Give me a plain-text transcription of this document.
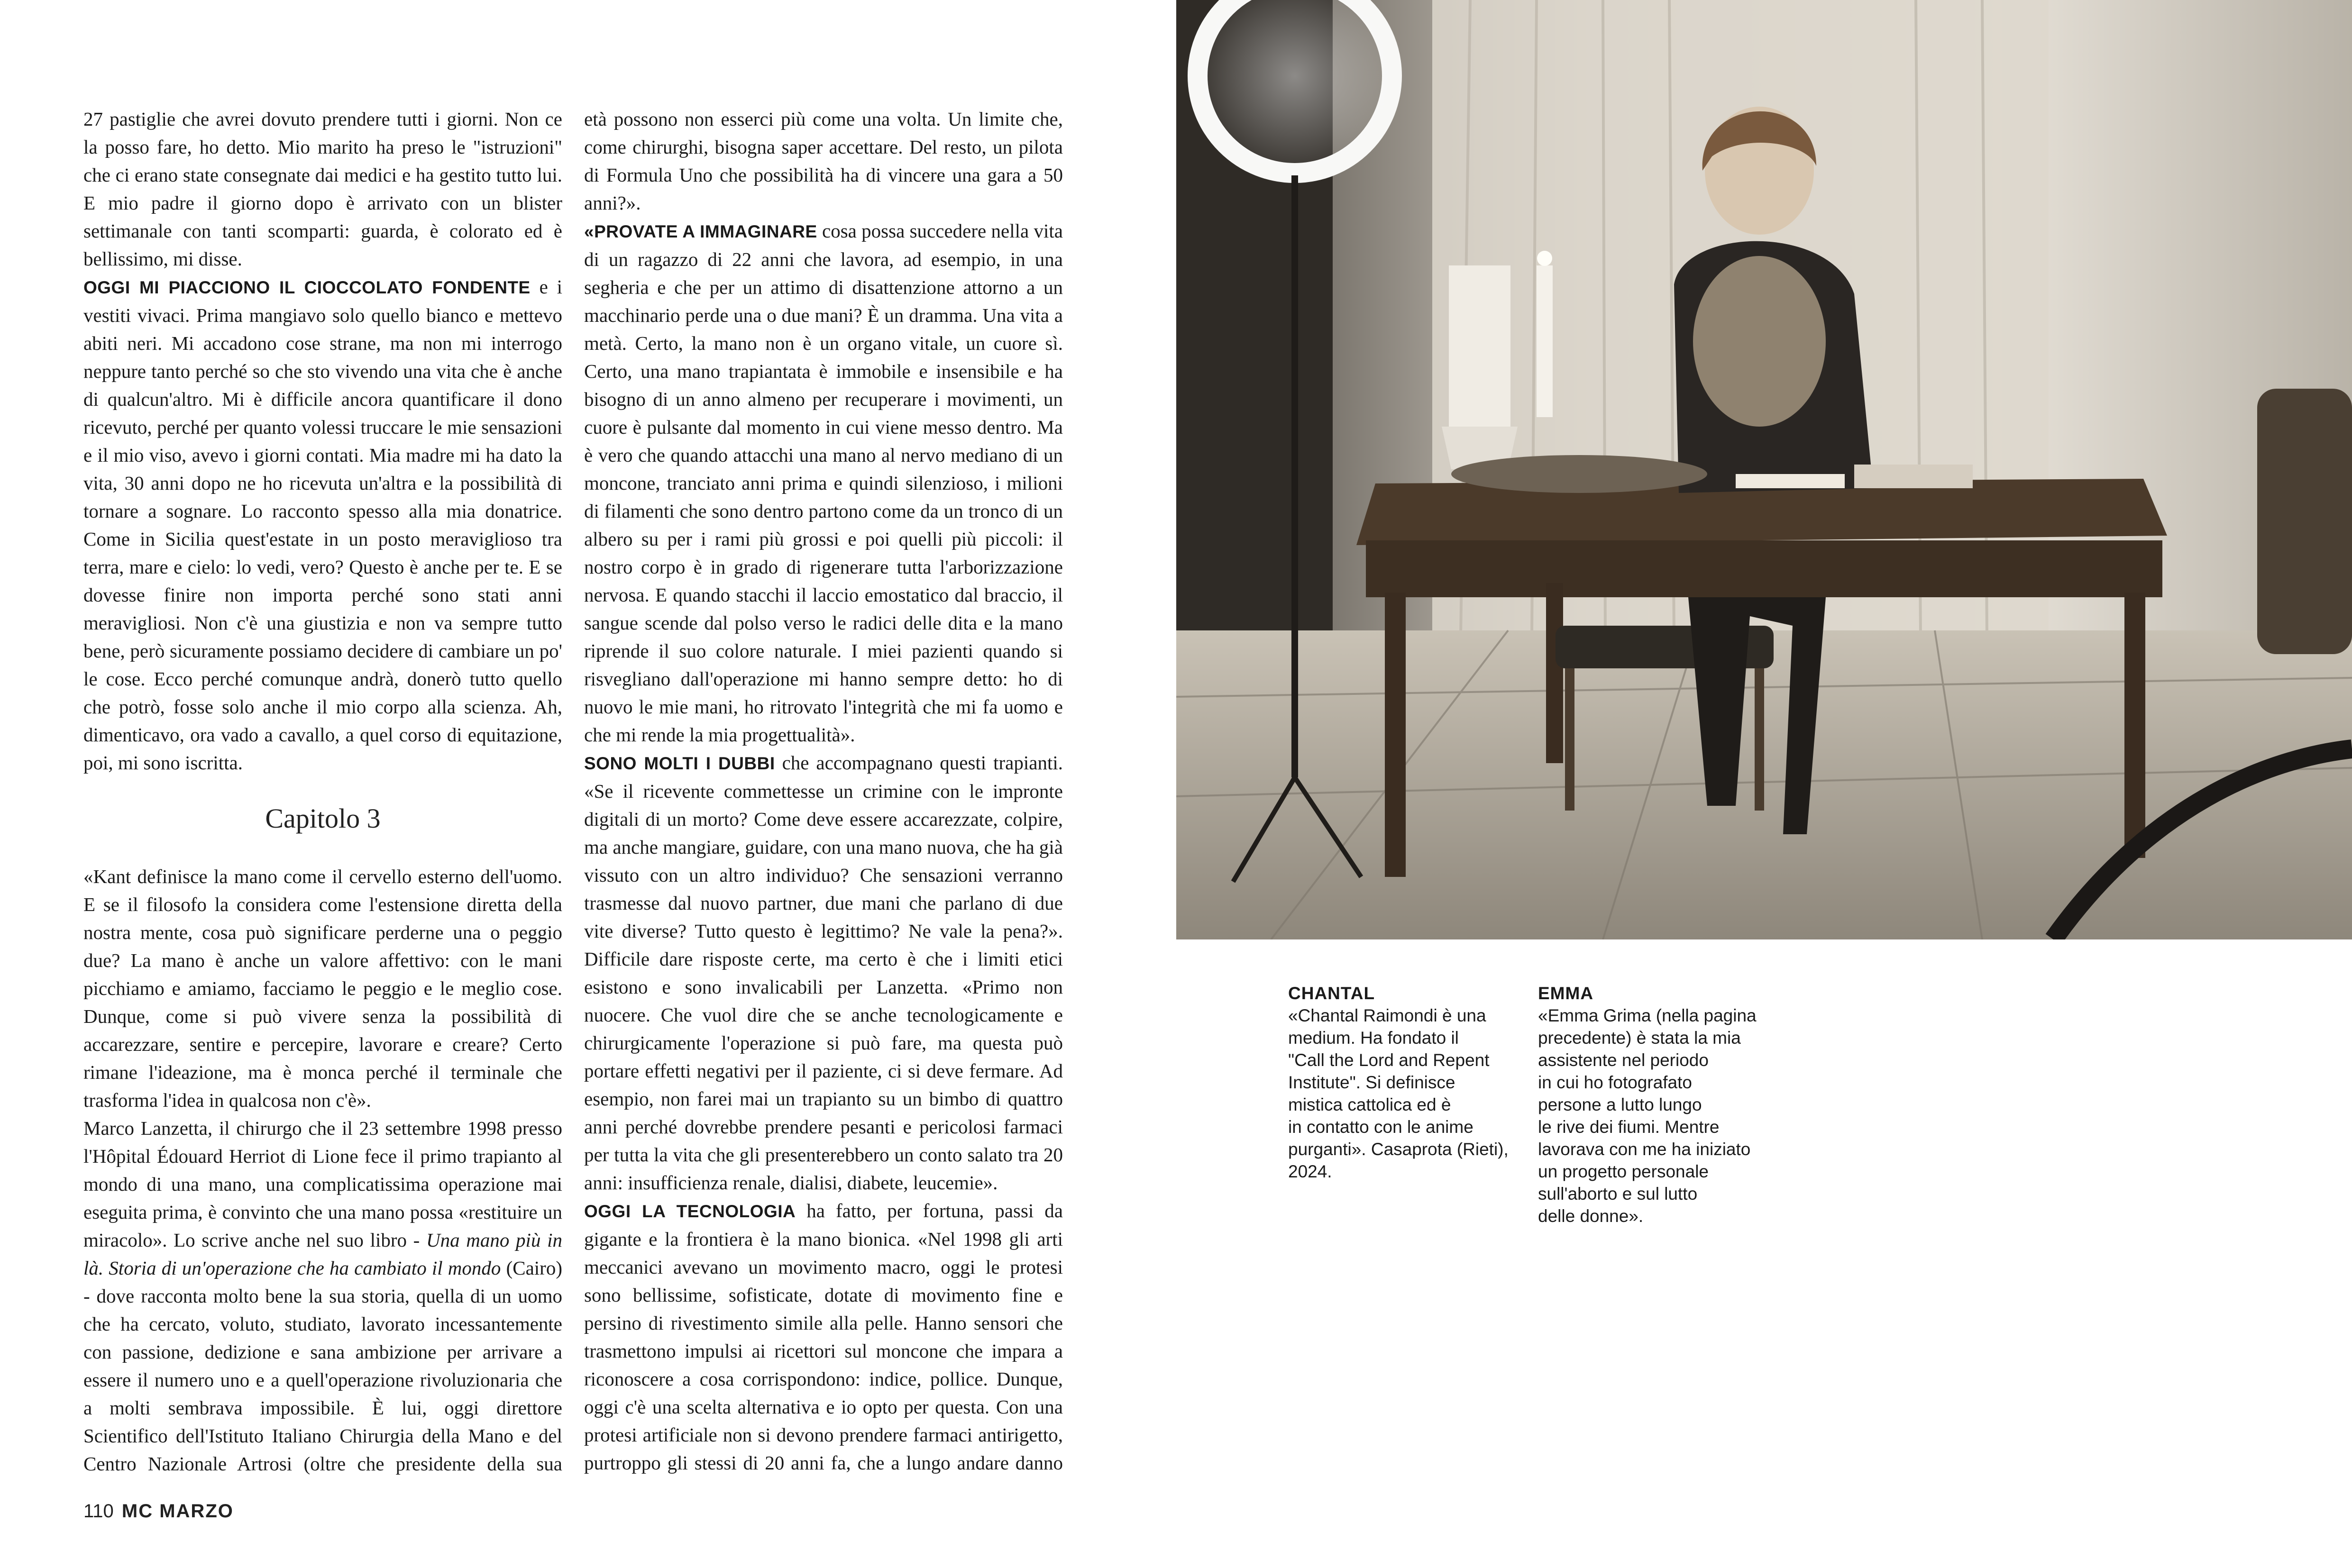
27 pastiglie che avrei dovuto prendere tutti i giorni. Non ce la posso fare, ho detto. Mio marito ha preso le "istruzioni" che ci erano state consegnate dai medici e ha gestito tutto lui. E mio padre il giorno dopo è arrivato con un blister settimanale con tanti scomparti: guarda, è colorato ed è bellissimo, mi disse.

OGGI MI PIACCIONO IL CIOCCOLATO FONDENTE e i vestiti vivaci. Prima mangiavo solo quello bianco e mettevo abiti neri. Mi accadono cose strane, ma non mi interrogo neppure tanto perché so che sto vivendo una vita che è anche di qualcun'altro. Mi è difficile ancora quantificare il dono ricevuto, perché per quanto volessi truccare le mie sensazioni e il mio viso, avevo i giorni contati. Mia madre mi ha dato la vita, 30 anni dopo ne ho ricevuta un'altra e la possibilità di tornare a sognare. Lo racconto spesso alla mia donatrice. Come in Sicilia quest'estate in un posto meraviglioso tra terra, mare e cielo: lo vedi, vero? Questo è anche per te. E se dovesse finire non importa perché sono stati anni meravigliosi. Non c'è una giustizia e non va sempre tutto bene, però sicuramente possiamo decidere di cambiare un po' le cose. Ecco perché comunque andrà, donerò tutto quello che potrò, fosse solo anche il mio corpo alla scienza. Ah, dimenticavo, ora vado a cavallo, a quel corso di equitazione, poi, mi sono iscritta.

Capitolo 3

«Kant definisce la mano come il cervello esterno dell'uomo. E se il filosofo la considera come l'estensione diretta della nostra mente, cosa può significare perderne una o peggio due? La mano è anche un valore affettivo: con le mani picchiamo e amiamo, facciamo le peggio e le meglio cose. Dunque, come si può vivere senza la possibilità di accarezzare, sentire e percepire, lavorare e creare? Certo rimane l'ideazione, ma è monca perché il terminale che trasforma l'idea in qualcosa non c'è».

Marco Lanzetta, il chirurgo che il 23 settembre 1998 presso l'Hôpital Édouard Herriot di Lione fece il primo trapianto al mondo di una mano, una complicatissima operazione mai eseguita prima, è convinto che una mano possa «restituire un miracolo». Lo scrive anche nel suo libro - Una mano più in là. Storia di un'operazione che ha cambiato il mondo (Cairo) - dove racconta molto bene la sua storia, quella di un uomo che ha cercato, voluto, studiato, lavorato incessantemente con passione, dedizione e sana ambizione per arrivare a essere il numero uno e a quell'operazione rivoluzionaria che a molti sembrava impossibile. È lui, oggi direttore Scientifico dell'Istituto Italiano Chirurgia della Mano e del Centro Nazionale Artrosi (oltre che presidente della sua

età possono non esserci più come una volta. Un limite che, come chirurghi, bisogna saper accettare. Del resto, un pilota di Formula Uno che possibilità ha di vincere una gara a 50 anni?».

«PROVATE A IMMAGINARE cosa possa succedere nella vita di un ragazzo di 22 anni che lavora, ad esempio, in una segheria e che per un attimo di disattenzione attorno a un macchinario perde una o due mani? È un dramma. Una vita a metà. Certo, la mano non è un organo vitale, un cuore sì. Certo, una mano trapiantata è immobile e insensibile e ha bisogno di un anno almeno per recuperare i movimenti, un cuore è pulsante dal momento in cui viene messo dentro. Ma è vero che quando attacchi una mano al nervo mediano di un moncone, tranciato anni prima e quindi silenzioso, i milioni di filamenti che sono dentro partono come da un tronco di un albero su per i rami più grossi e poi quelli più piccoli: il nostro corpo è in grado di rigenerare tutta l'arborizzazione nervosa. E quando stacchi il laccio emostatico dal braccio, il sangue scende dal polso verso le radici delle dita e la mano riprende il suo colore naturale. I miei pazienti quando si risvegliano dall'operazione mi hanno sempre detto: ho di nuovo le mie mani, ho ritrovato l'integrità che mi fa uomo e che mi rende la mia progettualità».

SONO MOLTI I DUBBI che accompagnano questi trapianti. «Se il ricevente commettesse un crimine con le impronte digitali di un morto? Come deve essere accarezzate, colpire, ma anche mangiare, guidare, con una mano nuova, che ha già vissuto con un altro individuo? Che sensazioni verranno trasmesse dal nuovo partner, due mani che parlano di due vite diverse? Tutto questo è legittimo? Ne vale la pena?». Difficile dare risposte certe, ma certo è che i limiti etici esistono e sono invalicabili per Lanzetta. «Primo non nuocere. Che vuol dire che se anche tecnologicamente e chirurgicamente l'operazione si può fare, ma questa può portare effetti negativi per il paziente, ci si deve fermare. Ad esempio, non farei mai un trapianto su un bimbo di quattro anni perché dovrebbe prendere pesanti e pericolosi farmaci per tutta la vita che gli presenterebbero un conto salato tra 20 anni: insufficienza renale, dialisi, diabete, leucemie».

OGGI LA TECNOLOGIA ha fatto, per fortuna, passi da gigante e la frontiera è la mano bionica. «Nel 1998 gli arti meccanici avevano un movimento macro, oggi le protesi sono bellissime, sofisticate, dotate di movimento fine e persino di rivestimento simile alla pelle. Hanno sensori che trasmettono impulsi ai ricettori sul moncone che impara a riconoscere a cosa corrispondono: indice, pollice. Dunque, oggi c'è una scelta alternativa e io opto per questa. Con una protesi artificiale non si devono prendere farmaci antirigetto, purtroppo gli stessi di 20 anni fa, che a lungo andare danno

110 MC MARZO
CHANTAL
«Chantal Raimondi è una
medium. Ha fondato il
"Call the Lord and Repent
Institute". Si definisce
mistica cattolica ed è
in contatto con le anime
purganti». Casaprota (Rieti),
2024.
EMMA
«Emma Grima (nella pagina
precedente) è stata la mia
assistente nel periodo
in cui ho fotografato
persone a lutto lungo
le rive dei fiumi. Mentre
lavorava con me ha iniziato
un progetto personale
sull'aborto e sul lutto
delle donne».
